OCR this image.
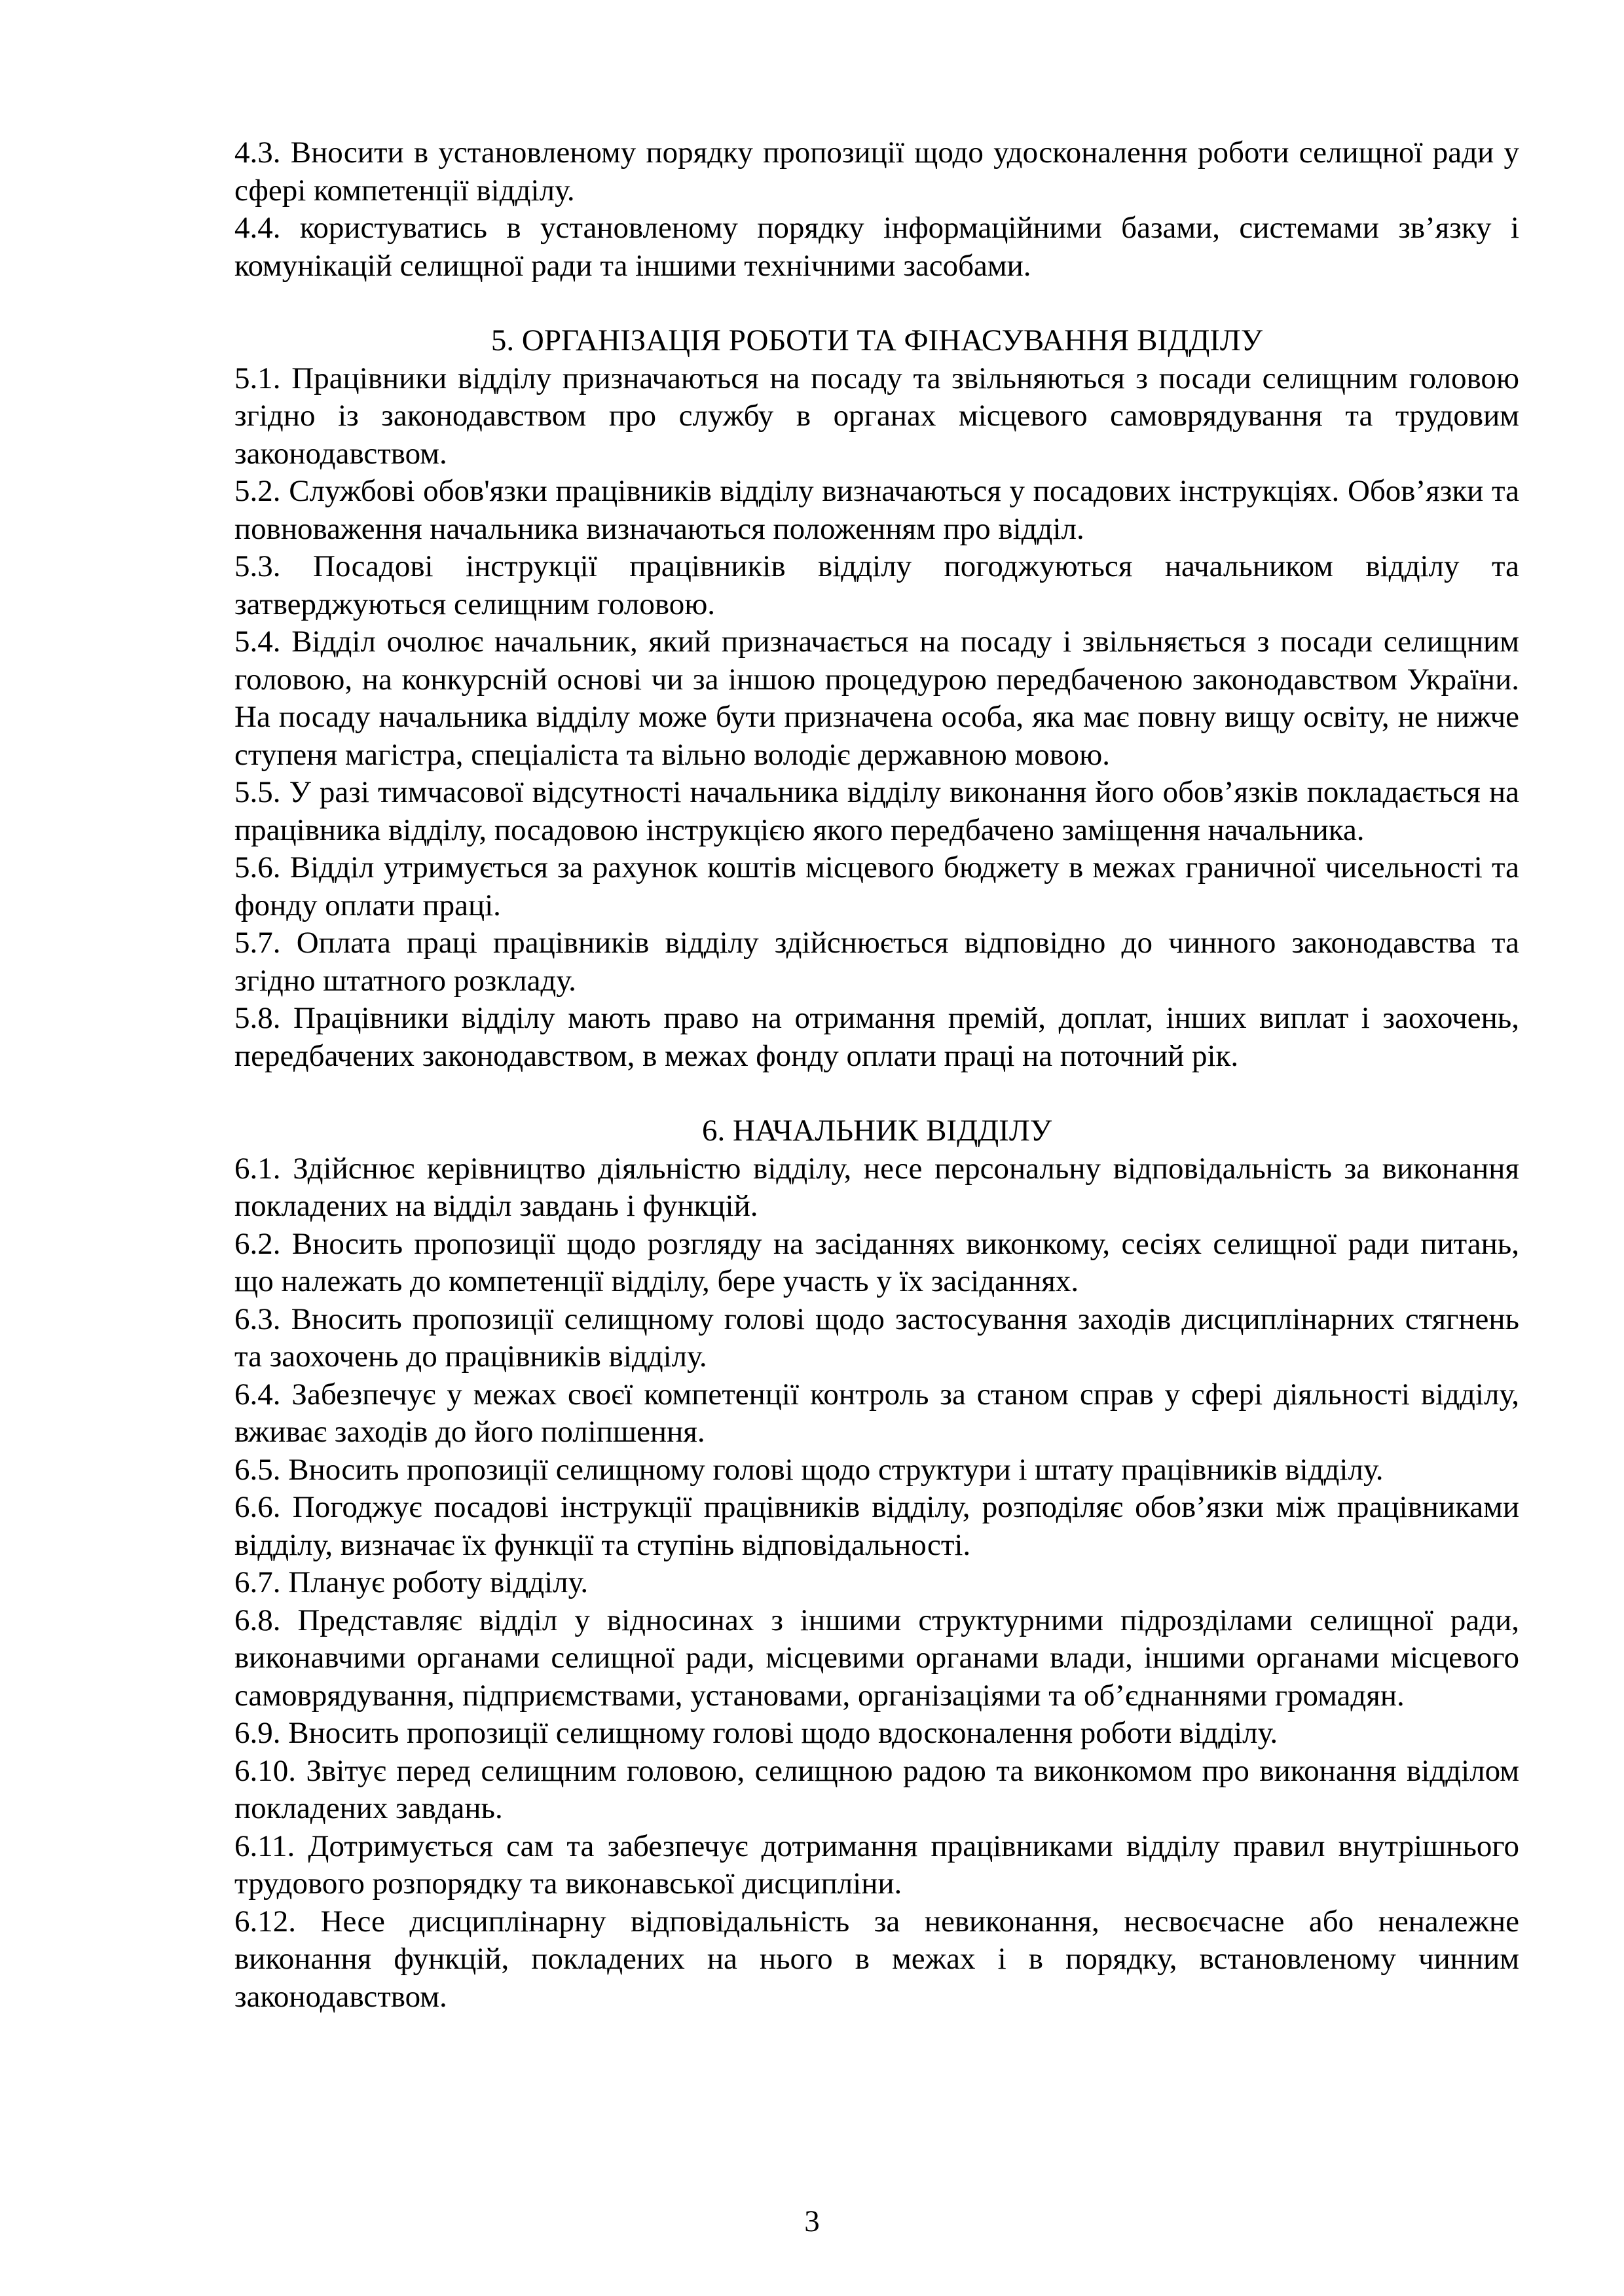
4.3. Вносити в установленому порядку пропозиції щодо удосконалення роботи селищної ради у сфері компетенції відділу.

4.4. користуватись в установленому порядку інформаційними базами, системами зв’язку і комунікацій селищної ради та іншими технічними засобами.

5. ОРГАНІЗАЦІЯ РОБОТИ ТА ФІНАСУВАННЯ ВІДДІЛУ

5.1. Працівники відділу призначаються на посаду та звільняються з посади селищним головою згідно із законодавством про службу в органах місцевого самоврядування та трудовим законодавством.

5.2. Службові обов'язки працівників відділу визначаються у посадових інструкціях. Обов’язки та повноваження начальника визначаються положенням про відділ.

5.3. Посадові інструкції працівників відділу погоджуються начальником відділу та затверджуються селищним головою.

5.4. Відділ очолює начальник, який призначається на посаду і звільняється з посади селищним головою, на конкурсній основі чи за іншою процедурою передбаченою законодавством України. На посаду начальника відділу може бути призначена особа, яка має повну вищу освіту, не нижче ступеня магістра, спеціаліста та вільно володіє державною мовою.

5.5. У разі тимчасової відсутності начальника відділу виконання його обов’язків покладається на працівника відділу, посадовою інструкцією якого передбачено заміщення начальника.

5.6. Відділ утримується за рахунок коштів місцевого бюджету в межах граничної чисельності та фонду оплати праці.

5.7. Оплата праці працівників відділу здійснюється відповідно до чинного законодавства та згідно штатного розкладу.

5.8. Працівники відділу мають право на отримання премій, доплат, інших виплат і заохочень, передбачених законодавством, в межах фонду оплати праці на поточний рік.

6. НАЧАЛЬНИК ВІДДІЛУ

6.1. Здійснює керівництво діяльністю відділу, несе персональну відповідальність за виконання покладених на відділ завдань і функцій.

6.2. Вносить пропозиції щодо розгляду на засіданнях виконкому, сесіях селищної ради питань, що належать до компетенції відділу, бере участь у їх засіданнях.

6.3. Вносить пропозиції селищному голові щодо застосування заходів дисциплінарних стягнень та заохочень до працівників відділу.

6.4. Забезпечує у межах своєї компетенції контроль за станом справ у сфері діяльності відділу, вживає заходів до його поліпшення.

6.5. Вносить пропозиції селищному голові щодо структури і штату працівників відділу.

6.6. Погоджує посадові інструкції працівників відділу, розподіляє обов’язки між працівниками відділу, визначає їх функції та ступінь відповідальності.

6.7. Планує роботу відділу.

6.8. Представляє відділ у відносинах з іншими структурними підрозділами селищної ради, виконавчими органами селищної ради, місцевими органами влади, іншими органами місцевого самоврядування, підприємствами, установами, організаціями та об’єднаннями громадян.

6.9. Вносить пропозиції селищному голові щодо вдосконалення роботи відділу.

6.10. Звітує перед селищним головою, селищною радою та виконкомом про виконання відділом покладених завдань.

6.11. Дотримується сам та забезпечує дотримання працівниками відділу правил внутрішнього трудового розпорядку та виконавської дисципліни.

6.12. Несе дисциплінарну відповідальність за невиконання, несвоєчасне або неналежне виконання функцій, покладених на нього в межах і в порядку, встановленому чинним законодавством.

3
